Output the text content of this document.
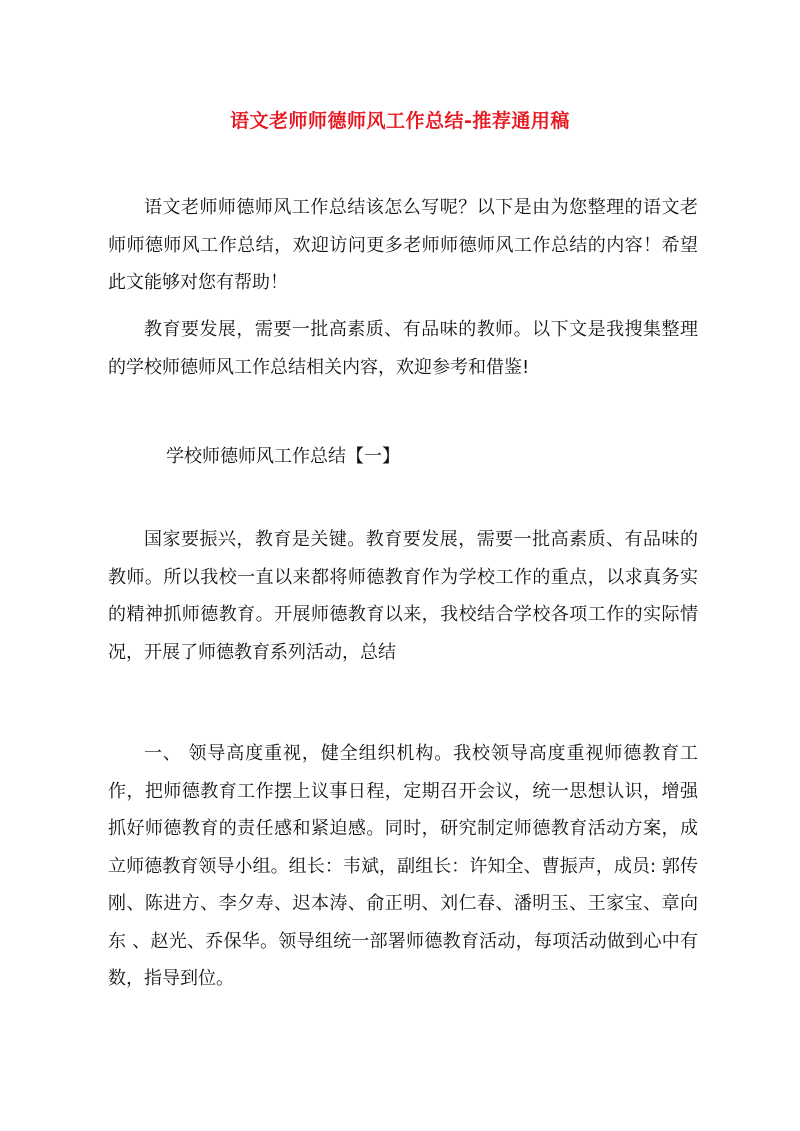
语文老师师德师风工作总结-推荐通用稿

语文老师师德师风工作总结该怎么写呢？以下是由为您整理的语文老师师德师风工作总结，欢迎访问更多老师师德师风工作总结的内容！希望此文能够对您有帮助！

教育要发展，需要一批高素质、有品味的教师。以下文是我搜集整理的学校师德师风工作总结相关内容，欢迎参考和借鉴!

学校师德师风工作总结【一】

国家要振兴，教育是关键。教育要发展，需要一批高素质、有品味的教师。所以我校一直以来都将师德教育作为学校工作的重点，以求真务实的精神抓师德教育。开展师德教育以来，我校结合学校各项工作的实际情况，开展了师德教育系列活动，总结

一、 领导高度重视，健全组织机构。我校领导高度重视师德教育工作，把师德教育工作摆上议事日程，定期召开会议，统一思想认识，增强抓好师德教育的责任感和紧迫感。同时，研究制定师德教育活动方案，成立师德教育领导小组。组长：韦斌，副组长：许知全、曹振声，成员: 郭传刚、陈进方、李夕寿、迟本涛、俞正明、刘仁春、潘明玉、王家宝、章向东 、赵光、乔保华。领导组统一部署师德教育活动，每项活动做到心中有数，指导到位。
